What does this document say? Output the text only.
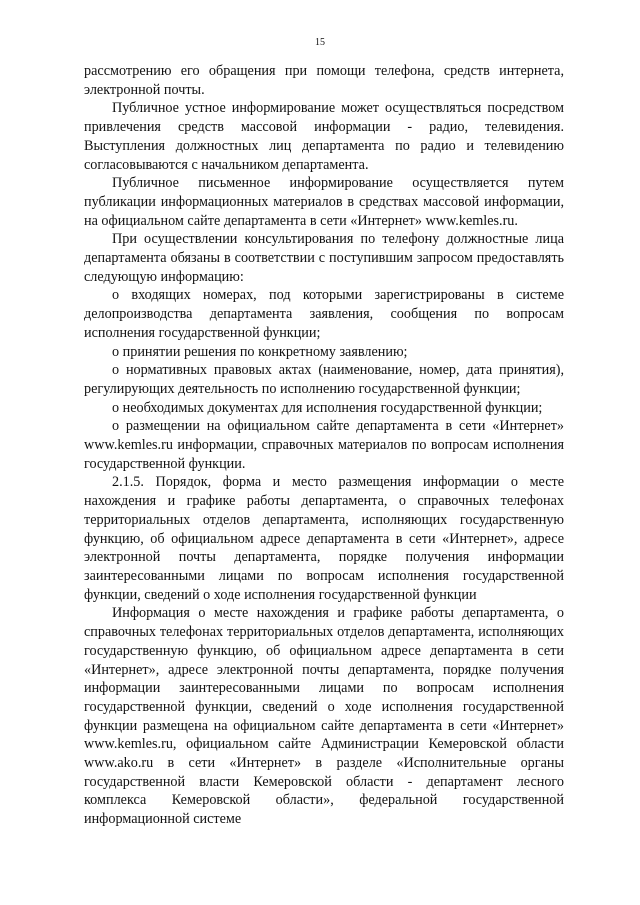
15

рассмотрению его обращения при помощи телефона, средств интернета, электронной почты.

Публичное устное информирование может осуществляться посредством привлечения средств массовой информации - радио, телевидения. Выступления должностных лиц департамента по радио и телевидению согласовываются с начальником департамента.

Публичное письменное информирование осуществляется путем публикации информационных материалов в средствах массовой информации, на официальном сайте департамента в сети «Интернет» www.kemles.ru.

При осуществлении консультирования по телефону должностные лица департамента обязаны в соответствии с поступившим запросом предоставлять следующую информацию:

о входящих номерах, под которыми зарегистрированы в системе делопроизводства департамента заявления, сообщения по вопросам исполнения государственной функции;

о принятии решения по конкретному заявлению;

о нормативных правовых актах (наименование, номер, дата принятия), регулирующих деятельность по исполнению государственной функции;

о необходимых документах для исполнения государственной функции;

о размещении на официальном сайте департамента в сети «Интернет» www.kemles.ru информации, справочных материалов по вопросам исполнения государственной функции.

2.1.5. Порядок, форма и место размещения информации о месте нахождения и графике работы департамента, о справочных телефонах территориальных отделов департамента, исполняющих государственную функцию, об официальном адресе департамента в сети «Интернет», адресе электронной почты департамента, порядке получения информации заинтересованными лицами по вопросам исполнения государственной функции, сведений о ходе исполнения государственной функции

Информация о месте нахождения и графике работы департамента, о справочных телефонах территориальных отделов департамента, исполняющих государственную функцию, об официальном адресе департамента в сети «Интернет», адресе электронной почты департамента, порядке получения информации заинтересованными лицами по вопросам исполнения государственной функции, сведений о ходе исполнения государственной функции размещена на официальном сайте департамента в сети «Интернет» www.kemles.ru, официальном сайте Администрации Кемеровской области www.ako.ru в сети «Интернет» в разделе «Исполнительные органы государственной власти Кемеровской области - департамент лесного комплекса Кемеровской области», федеральной государственной информационной системе
